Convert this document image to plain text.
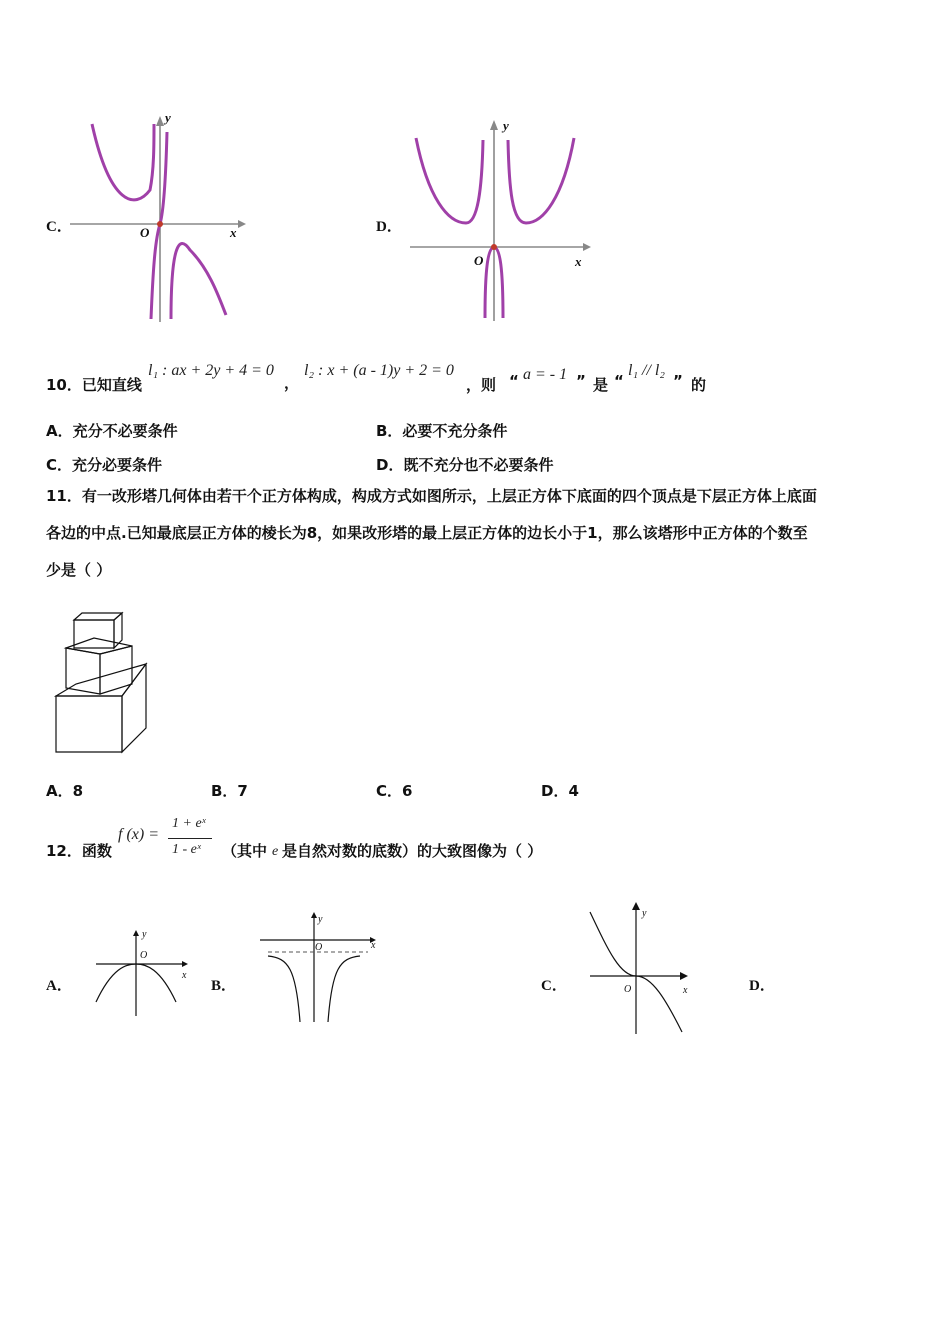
C．
y
x
O	D．
y
x
O
10．已知直线
l₁ : ax + 2y + 4 = 0
，
l₂ : x + (a - 1)y + 2 = 0
，则 “ a = - 1 ” 是 “
l₁ // l₂
” 的
A．充分不必要条件	B．必要不充分条件
C．充分必要条件	D．既不充分也不必要条件
11．有一改形塔几何体由若干个正方体构成，构成方式如图所示，上层正方体下底面的四个顶点是下层正方体上底面
各边的中点.已知最底层正方体的棱长为8，如果改形塔的最上层正方体的边长小于1，那么该塔形中正方体的个数至
少是（ ）
A．8	B．7	C．6	D．4
12．函数
f (x) =
1 + eˣ
1 - eˣ （其中 e 是自然对数的底数）的大致图像为（ ）
A．
y
x
O
B．
y
x
O
C．
y
x
O	D．
